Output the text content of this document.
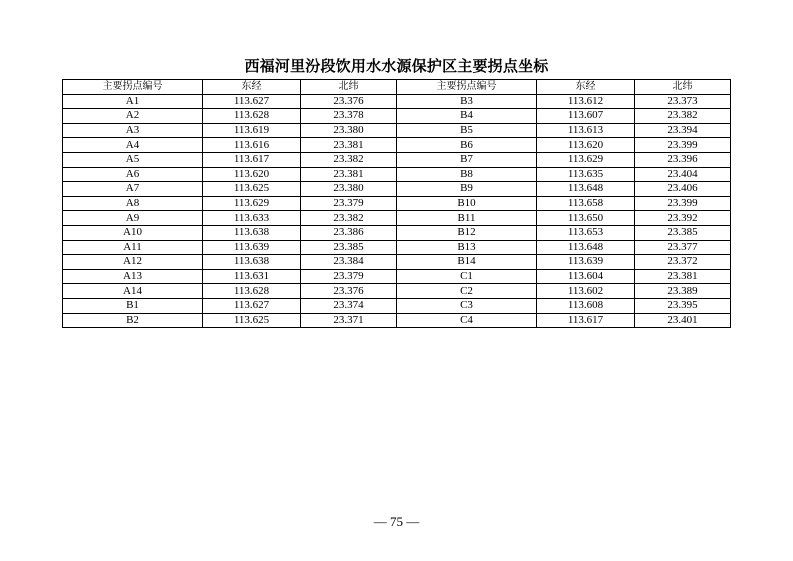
西福河里汾段饮用水水源保护区主要拐点坐标
主要拐点编号	东经	北纬	主要拐点编号	东经	北纬
A1	113.627	23.376	B3	113.612	23.373
A2	113.628	23.378	B4	113.607	23.382
A3	113.619	23.380	B5	113.613	23.394
A4	113.616	23.381	B6	113.620	23.399
A5	113.617	23.382	B7	113.629	23.396
A6	113.620	23.381	B8	113.635	23.404
A7	113.625	23.380	B9	113.648	23.406
A8	113.629	23.379	B10	113.658	23.399
A9	113.633	23.382	B11	113.650	23.392
A10	113.638	23.386	B12	113.653	23.385
A11	113.639	23.385	B13	113.648	23.377
A12	113.638	23.384	B14	113.639	23.372
A13	113.631	23.379	C1	113.604	23.381
A14	113.628	23.376	C2	113.602	23.389
B1	113.627	23.374	C3	113.608	23.395
B2	113.625	23.371	C4	113.617	23.401
— 75 —
